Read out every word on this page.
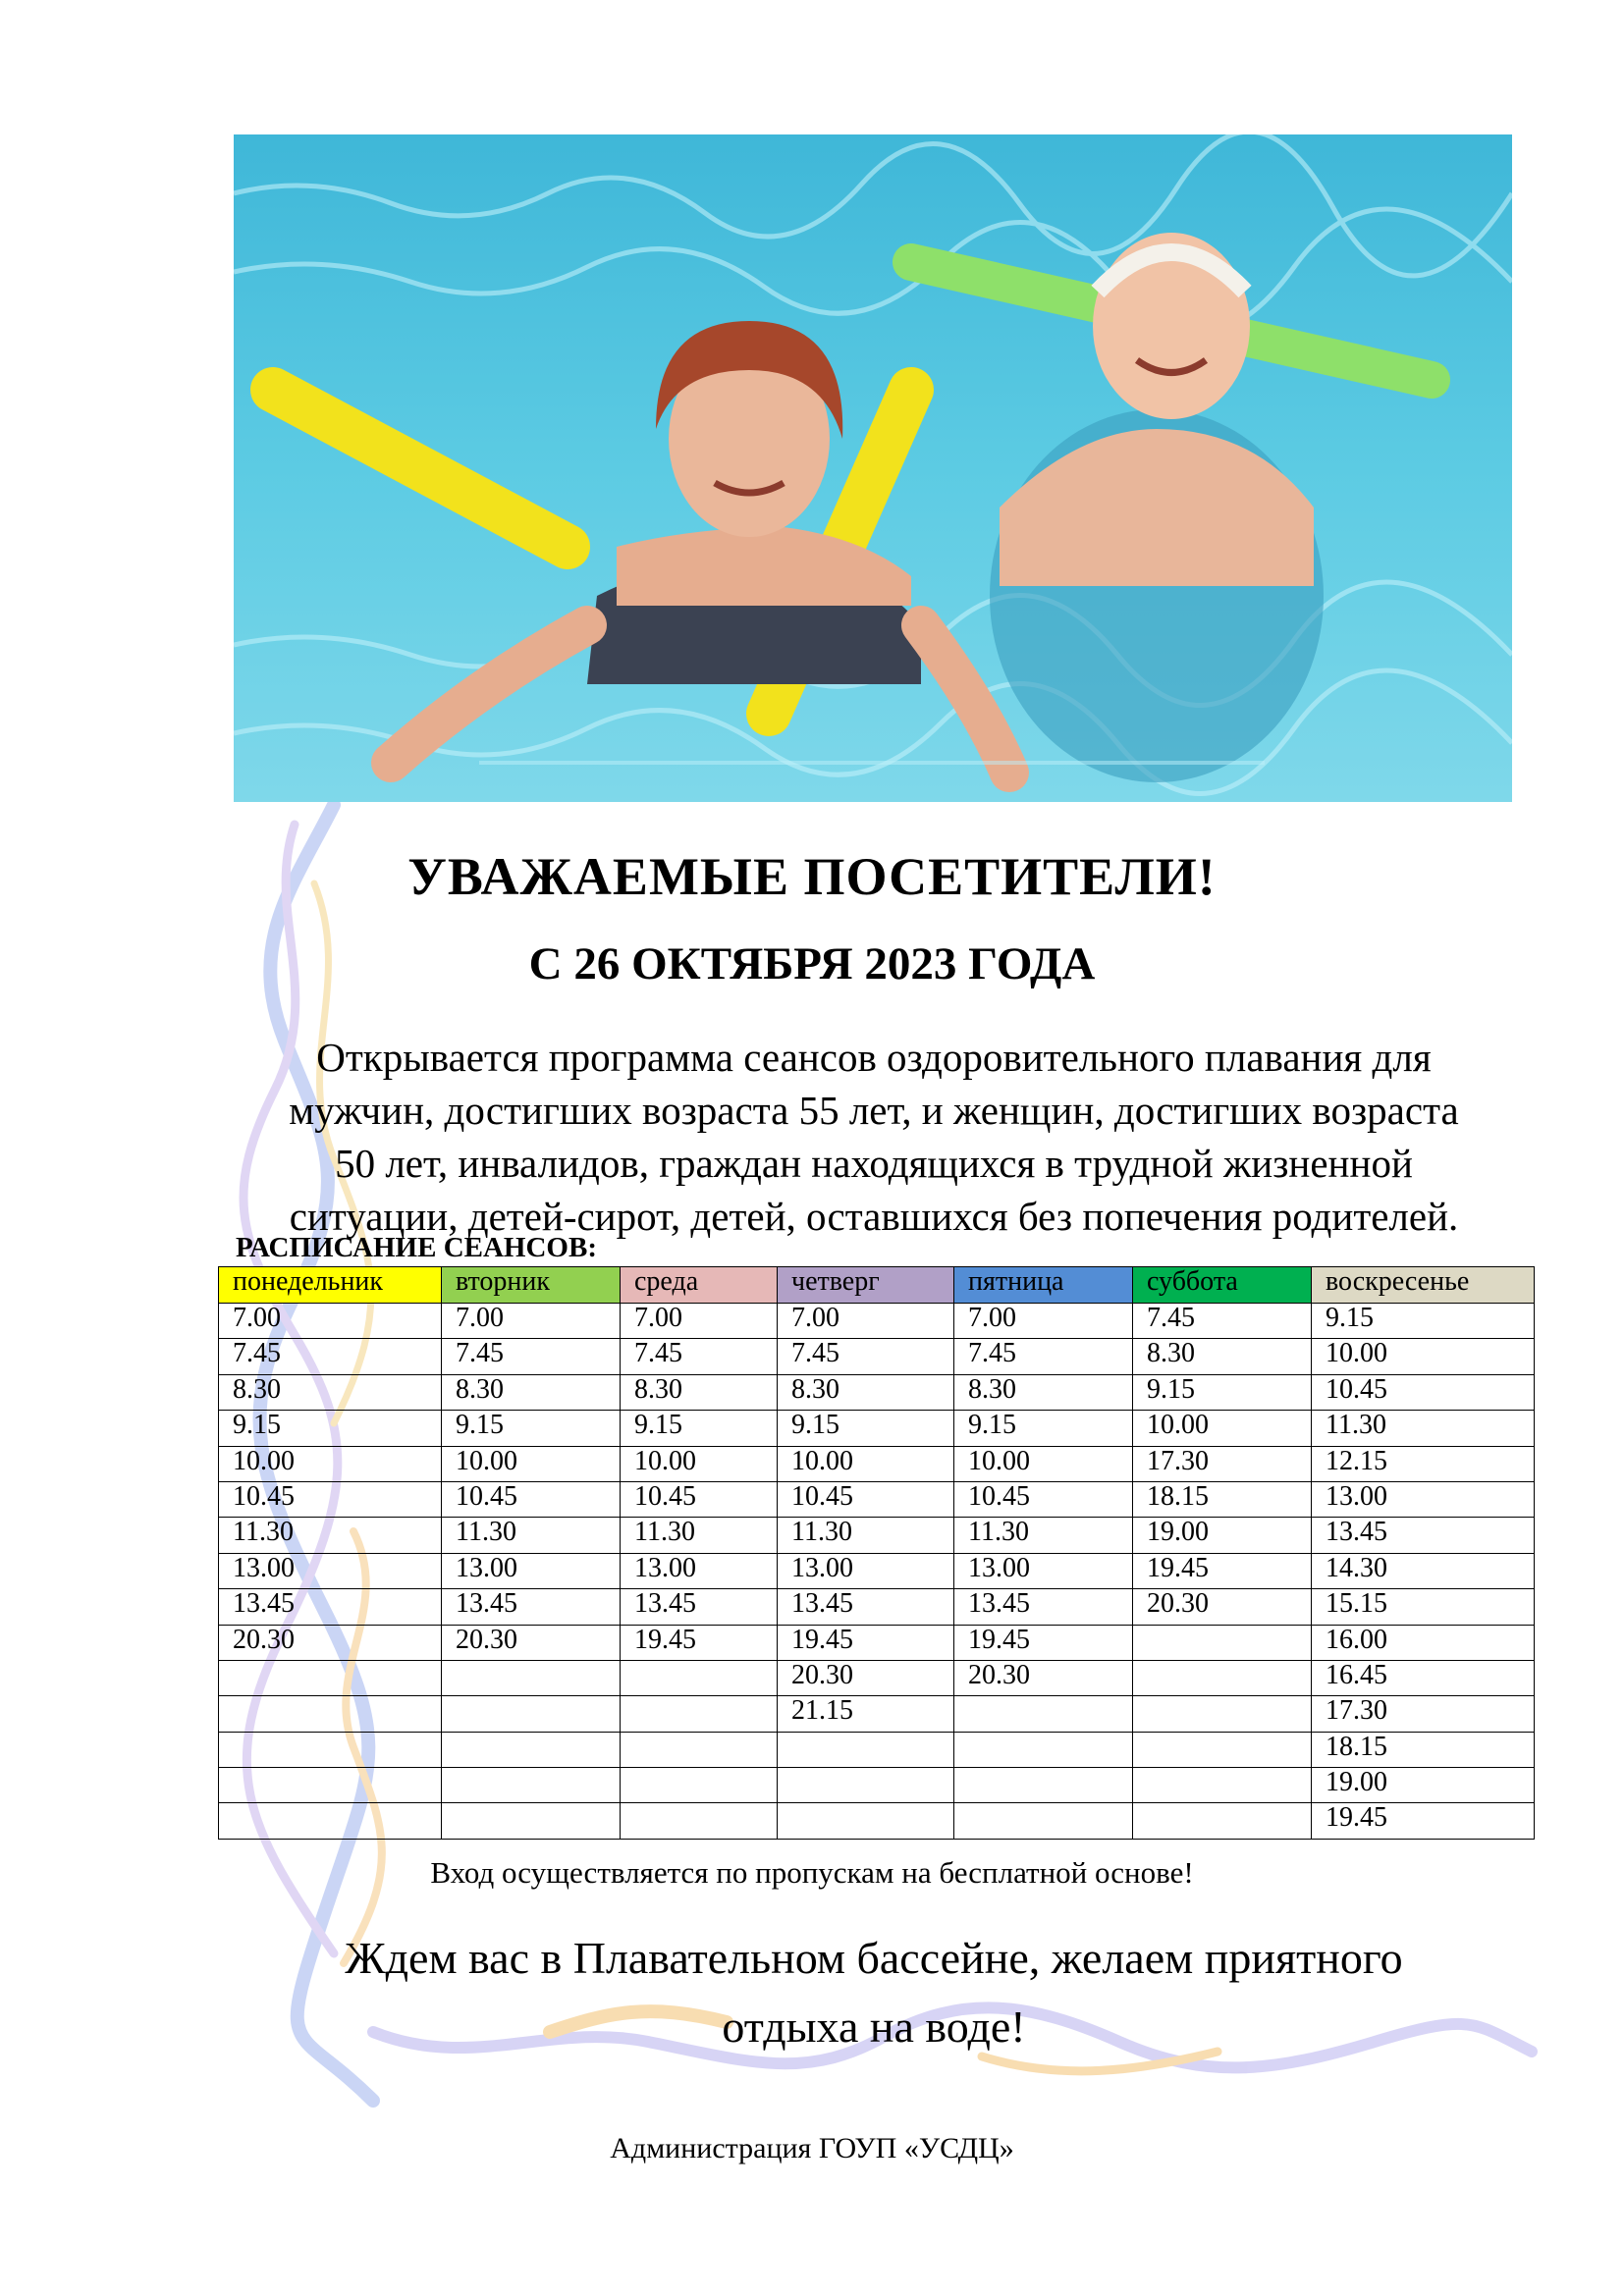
УВАЖАЕМЫЕ ПОСЕТИТЕЛИ!
С 26 ОКТЯБРЯ 2023 ГОДА
Открывается программа сеансов оздоровительного плавания для
мужчин, достигших возраста 55 лет, и женщин, достигших возраста
50 лет, инвалидов, граждан находящихся в трудной жизненной
ситуации, детей-сирот, детей, оставшихся без попечения родителей.
РАСПИСАНИЕ СЕАНСОВ:
понедельник	вторник	среда	четверг	пятница	суббота	воскресенье
7.00	7.00	7.00	7.00	7.00	7.45	9.15
7.45	7.45	7.45	7.45	7.45	8.30	10.00
8.30	8.30	8.30	8.30	8.30	9.15	10.45
9.15	9.15	9.15	9.15	9.15	10.00	11.30
10.00	10.00	10.00	10.00	10.00	17.30	12.15
10.45	10.45	10.45	10.45	10.45	18.15	13.00
11.30	11.30	11.30	11.30	11.30	19.00	13.45
13.00	13.00	13.00	13.00	13.00	19.45	14.30
13.45	13.45	13.45	13.45	13.45	20.30	15.15
20.30	20.30	19.45	19.45	19.45		16.00
			20.30	20.30		16.45
			21.15			17.30
						18.15
						19.00
						19.45
Вход осуществляется по пропускам на бесплатной основе!
Ждем вас в Плавательном бассейне, желаем приятного
отдыха на воде!
Администрация ГОУП «УСДЦ»
